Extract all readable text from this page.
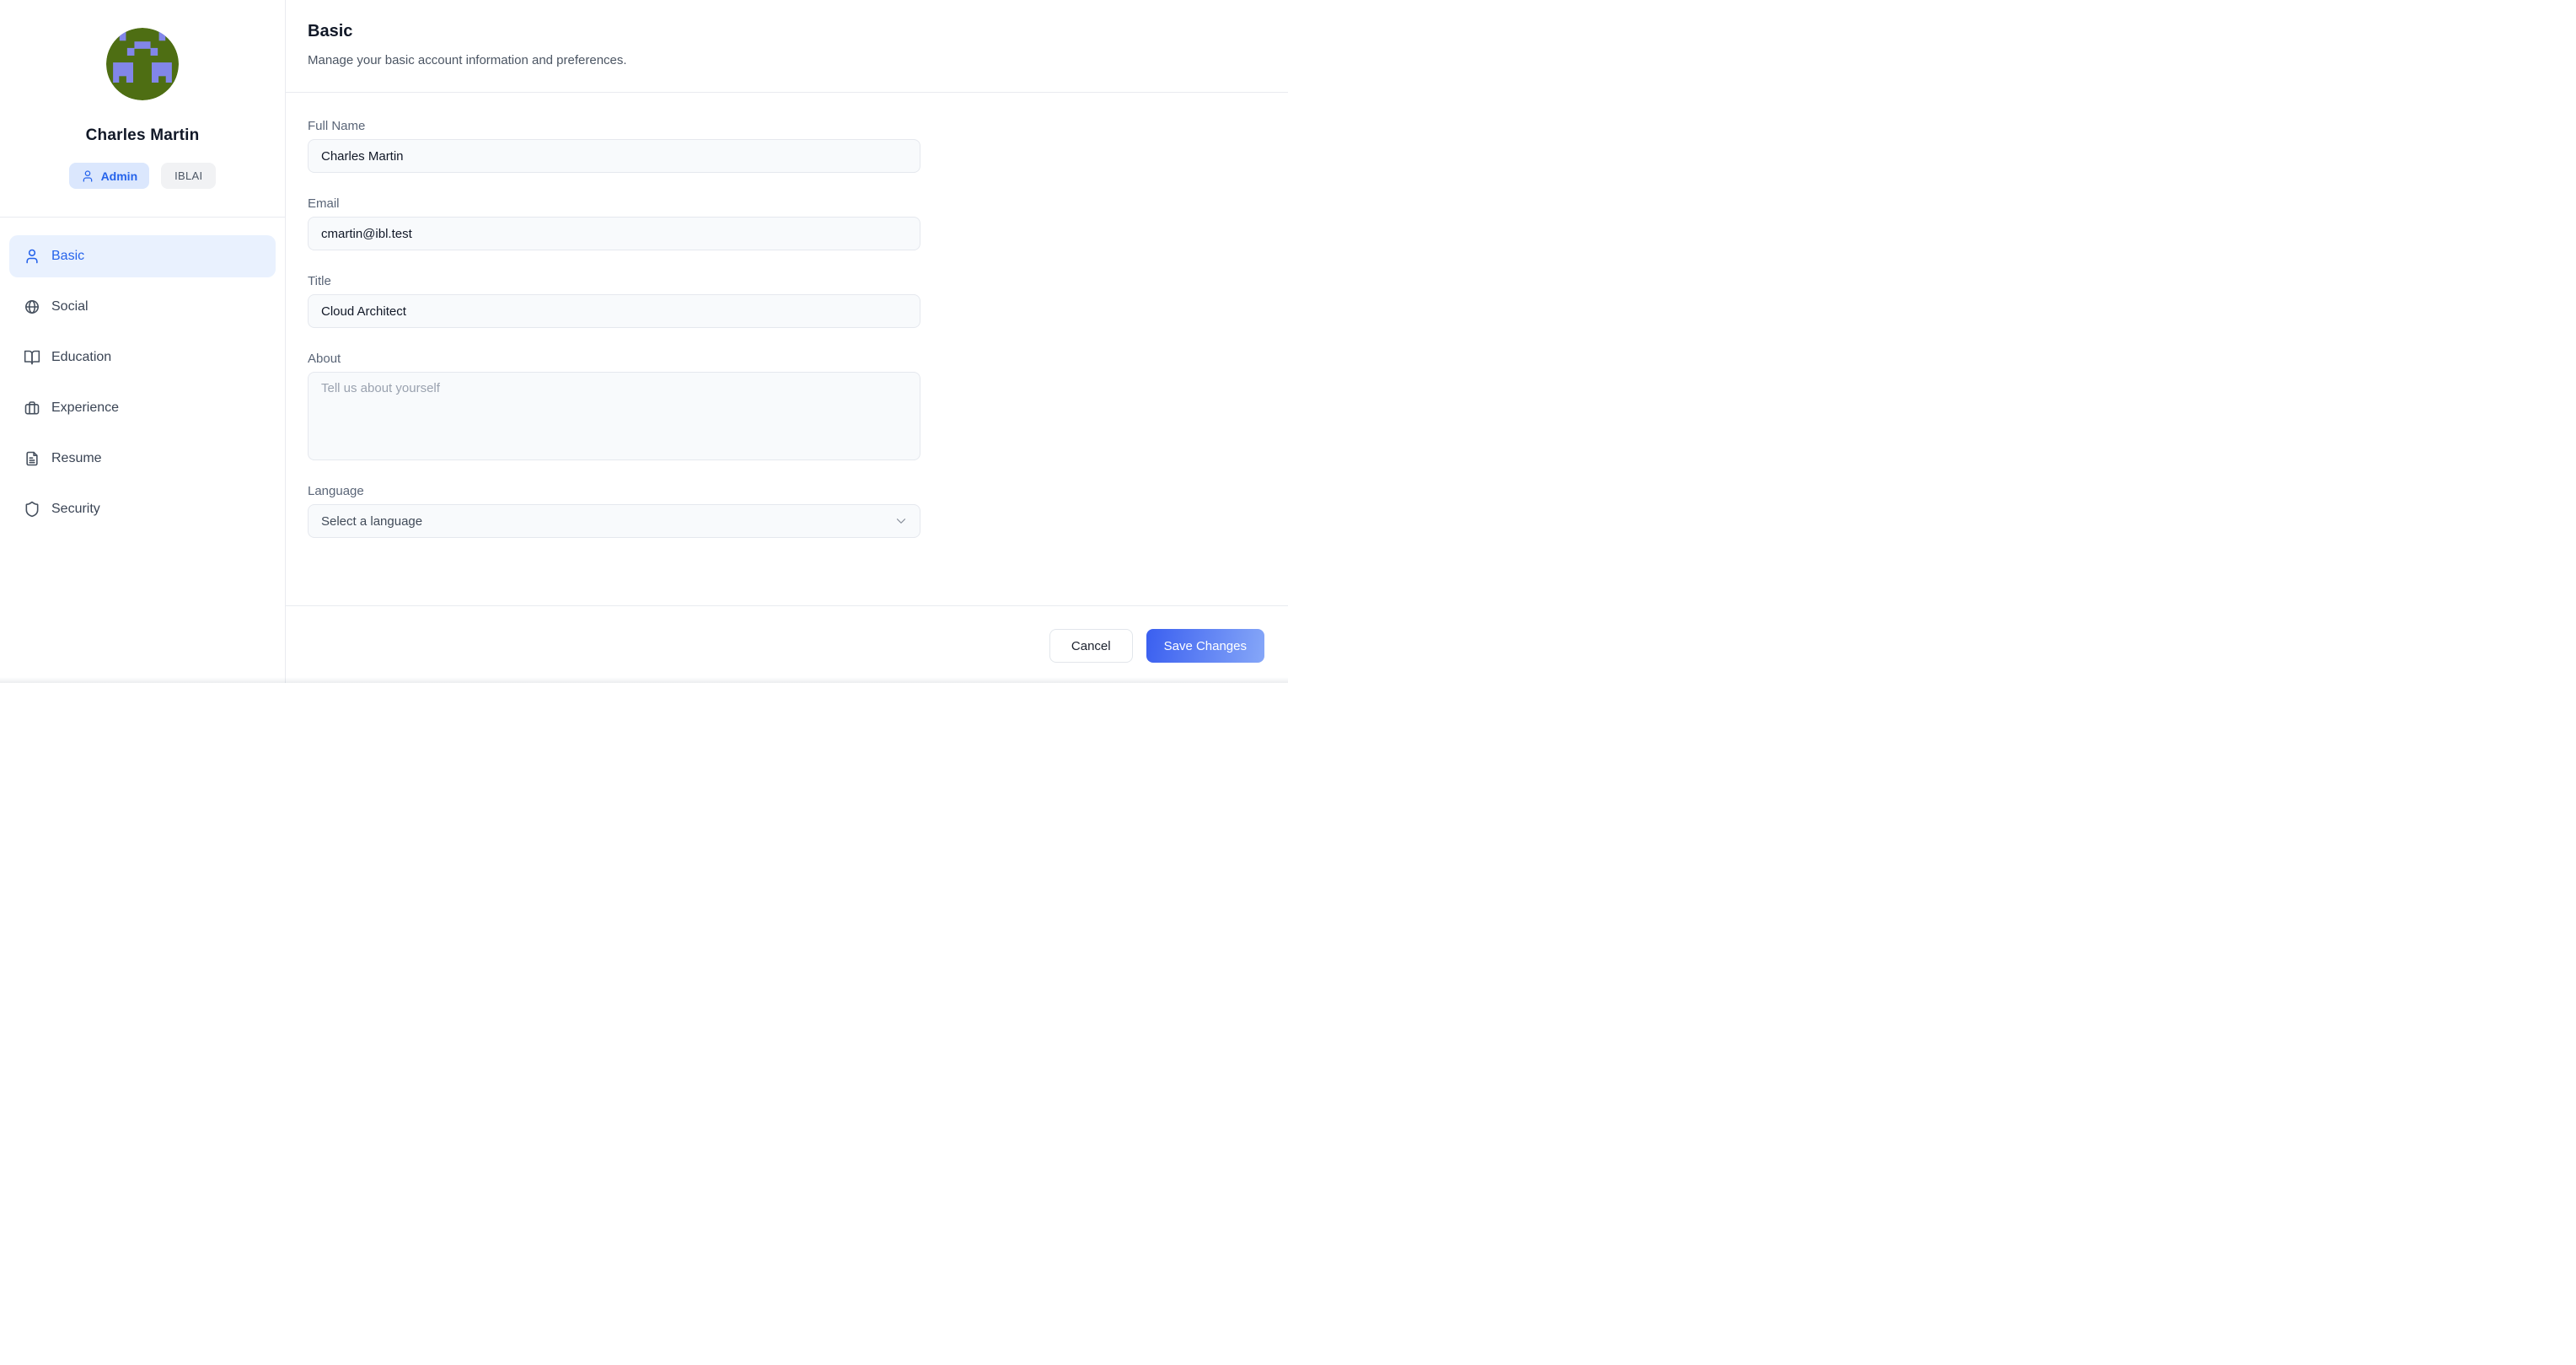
Charles Martin
Admin	IBLAI
Basic
Social
Education
Experience
Resume
Security
Basic
Manage your basic account information and preferences.
Full Name
Charles Martin
Email
cmartin@ibl.test
Title
Cloud Architect
About
Tell us about yourself
Language
Select a language
Cancel	Save Changes
